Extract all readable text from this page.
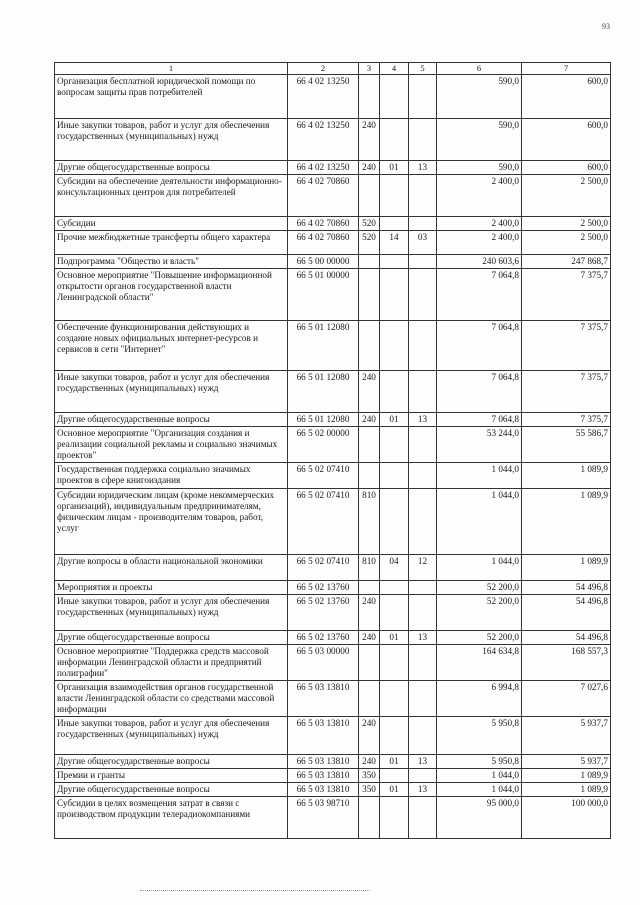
93
1	2	3	4	5	6	7
Организация бесплатной юридической помощи по вопросам защиты прав потребителей	66 4 02 13250				590,0	600,0
Иные закупки товаров, работ и услуг для обеспечения государственных (муниципальных) нужд	66 4 02 13250	240			590,0	600,0
Другие общегосударственные вопросы	66 4 02 13250	240	01	13	590,0	600,0
Субсидии на обеспечение деятельности информационно-консультационных центров для потребителей	66 4 02 70860				2 400,0	2 500,0
Субсидии	66 4 02 70860	520			2 400,0	2 500,0
Прочие межбюджетные трансферты общего характера	66 4 02 70860	520	14	03	2 400,0	2 500,0
Подпрограмма "Общество и власть"	66 5 00 00000				240 603,6	247 868,7
Основное мероприятие "Повышение информационной открытости органов государственной власти Ленинградской области"	66 5 01 00000				7 064,8	7 375,7
Обеспечение функционирования действующих и создание новых официальных интернет-ресурсов и сервисов в сети "Интернет"	66 5 01 12080				7 064,8	7 375,7
Иные закупки товаров, работ и услуг для обеспечения государственных (муниципальных) нужд	66 5 01 12080	240			7 064,8	7 375,7
Другие общегосударственные вопросы	66 5 01 12080	240	01	13	7 064,8	7 375,7
Основное мероприятие "Организация создания и реализации социальной рекламы и социально значимых проектов"	66 5 02 00000				53 244,0	55 586,7
Государственная поддержка социально значимых проектов в сфере книгоиздания	66 5 02 07410				1 044,0	1 089,9
Субсидии юридическим лицам (кроме некоммерческих организаций), индивидуальным предпринимателям, физическим лицам - производителям товаров, работ, услуг	66 5 02 07410	810			1 044,0	1 089,9
Другие вопросы в области национальной экономики	66 5 02 07410	810	04	12	1 044,0	1 089,9
Мероприятия и проекты	66 5 02 13760				52 200,0	54 496,8
Иные закупки товаров, работ и услуг для обеспечения государственных (муниципальных) нужд	66 5 02 13760	240			52 200,0	54 496,8
Другие общегосударственные вопросы	66 5 02 13760	240	01	13	52 200,0	54 496,8
Основное мероприятие "Поддержка средств массовой информации Ленинградской области и предприятий полиграфии"	66 5 03 00000				164 634,8	168 557,3
Организация взаимодействия органов государственной власти Ленинградской области со средствами массовой информации	66 5 03 13810				6 994,8	7 027,6
Иные закупки товаров, работ и услуг для обеспечения государственных (муниципальных) нужд	66 5 03 13810	240			5 950,8	5 937,7
Другие общегосударственные вопросы	66 5 03 13810	240	01	13	5 950,8	5 937,7
Премии и гранты	66 5 03 13810	350			1 044,0	1 089,9
Другие общегосударственные вопросы	66 5 03 13810	350	01	13	1 044,0	1 089,9
Субсидии в целях возмещения затрат в связи с производством продукции телерадиокомпаниями	66 5 03 98710				95 000,0	100 000,0
